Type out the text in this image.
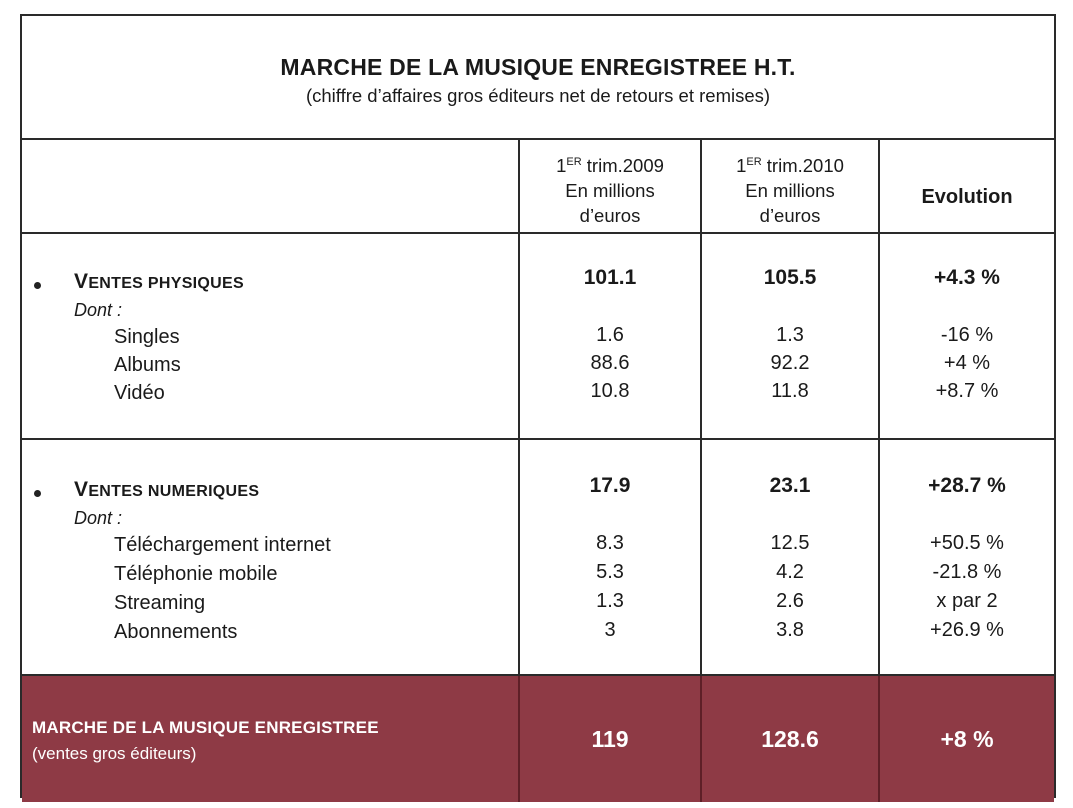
MARCHE DE LA MUSIQUE ENREGISTREE H.T.
(chiffre d’affaires gros éditeurs net de retours et remises)
1ER trim.2009
En millions
d’euros
1ER trim.2010
En millions
d’euros
Evolution
VENTES PHYSIQUES
Dont :
Singles
Albums
Vidéo
101.1
1.6
88.6
10.8
105.5
1.3
92.2
11.8
+4.3 %
-16 %
+4 %
+8.7 %
VENTES NUMERIQUES
Dont :
Téléchargement internet
Téléphonie mobile
Streaming
Abonnements
17.9
8.3
5.3
1.3
3
23.1
12.5
4.2
2.6
3.8
+28.7 %
+50.5 %
-21.8 %
x par 2
+26.9 %
MARCHE DE LA MUSIQUE ENREGISTREE
(ventes gros éditeurs)
119	128.6	+8 %
